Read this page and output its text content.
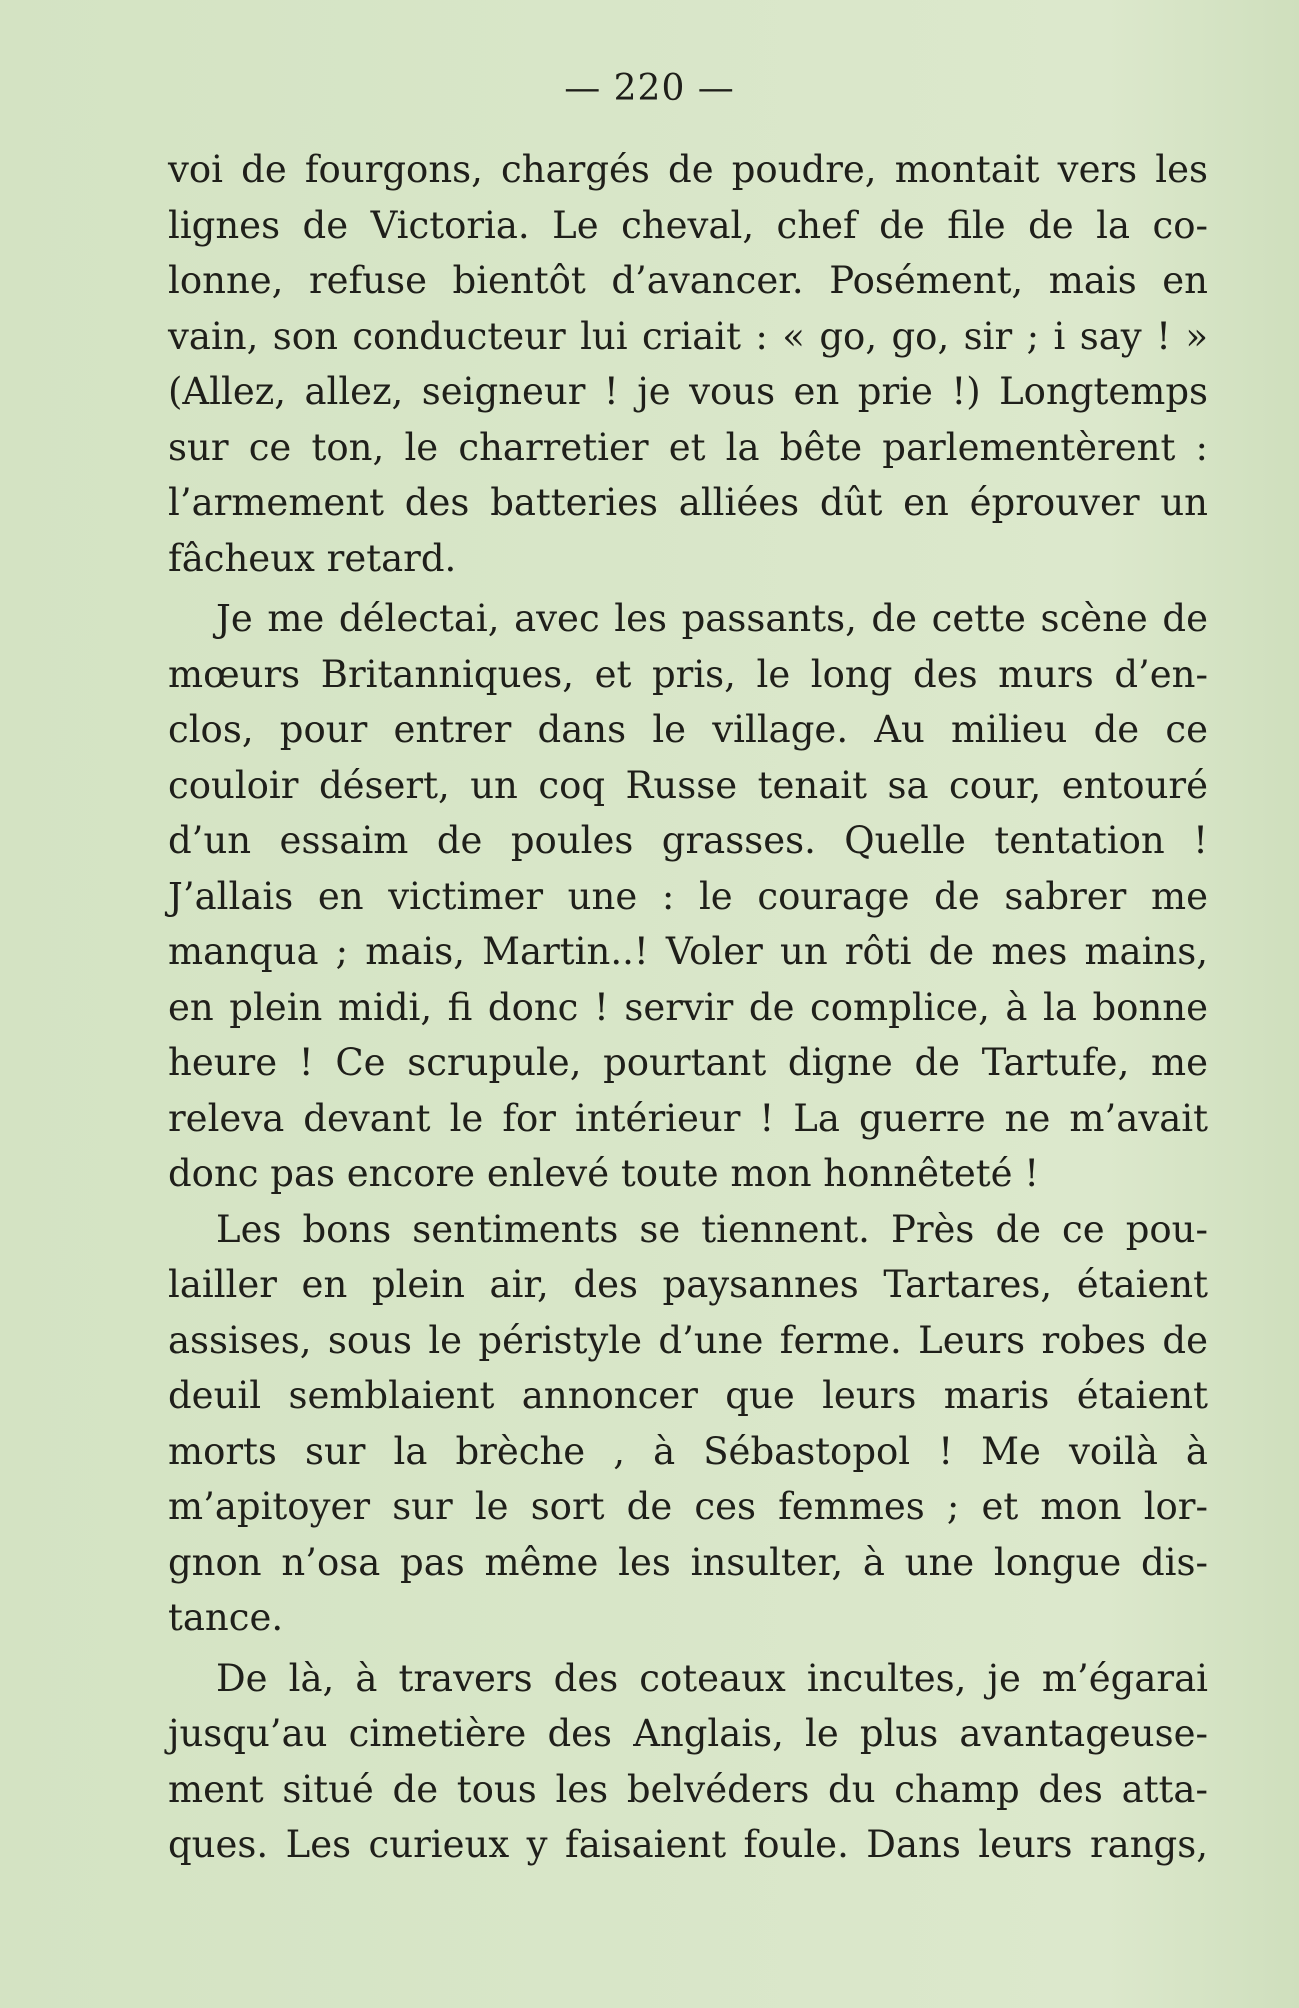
— 220 —
voi de fourgons, chargés de poudre, montait vers les
lignes de Victoria. Le cheval, chef de file de la co-
lonne, refuse bientôt d’avancer. Posément, mais en
vain, son conducteur lui criait : « go, go, sir ; i say ! »
(Allez, allez, seigneur ! je vous en prie !) Longtemps
sur ce ton, le charretier et la bête parlementèrent :
l’armement des batteries alliées dût en éprouver un
fâcheux retard.
Je me délectai, avec les passants, de cette scène de
mœurs Britanniques, et pris, le long des murs d’en-
clos, pour entrer dans le village. Au milieu de ce
couloir désert, un coq Russe tenait sa cour, entouré
d’un essaim de poules grasses. Quelle tentation !
J’allais en victimer une : le courage de sabrer me
manqua ; mais, Martin..! Voler un rôti de mes mains,
en plein midi, fi donc ! servir de complice, à la bonne
heure ! Ce scrupule, pourtant digne de Tartufe, me
releva devant le for intérieur ! La guerre ne m’avait
donc pas encore enlevé toute mon honnêteté !
Les bons sentiments se tiennent. Près de ce pou-
lailler en plein air, des paysannes Tartares, étaient
assises, sous le péristyle d’une ferme. Leurs robes de
deuil semblaient annoncer que leurs maris étaient
morts sur la brèche , à Sébastopol ! Me voilà à
m’apitoyer sur le sort de ces femmes ; et mon lor-
gnon n’osa pas même les insulter, à une longue dis-
tance.
De là, à travers des coteaux incultes, je m’égarai
jusqu’au cimetière des Anglais, le plus avantageuse-
ment situé de tous les belvéders du champ des atta-
ques. Les curieux y faisaient foule. Dans leurs rangs,
